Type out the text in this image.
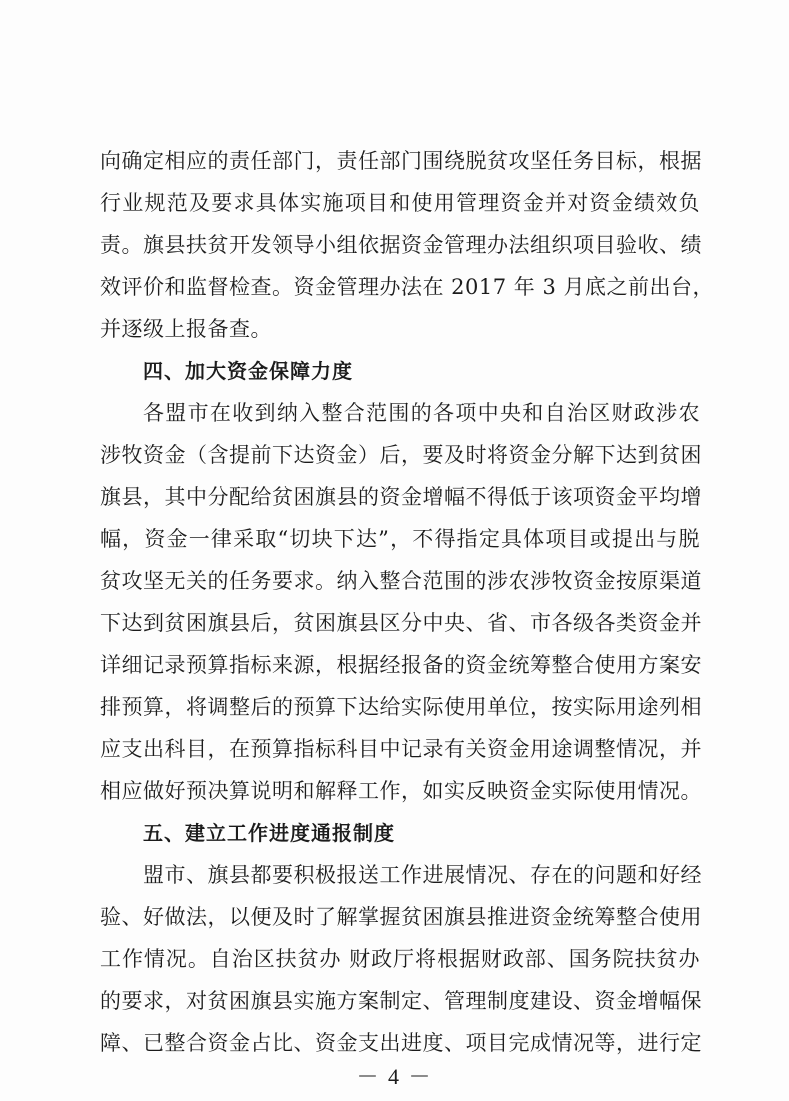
向确定相应的责任部门，责任部门围绕脱贫攻坚任务目标，根据
行业规范及要求具体实施项目和使用管理资金并对资金绩效负
责。旗县扶贫开发领导小组依据资金管理办法组织项目验收、绩
效评价和监督检查。资金管理办法在 2017 年 3 月底之前出台，
并逐级上报备查。
四、加大资金保障力度
各盟市在收到纳入整合范围的各项中央和自治区财政涉农
涉牧资金（含提前下达资金）后，要及时将资金分解下达到贫困
旗县，其中分配给贫困旗县的资金增幅不得低于该项资金平均增
幅，资金一律采取“切块下达”，不得指定具体项目或提出与脱
贫攻坚无关的任务要求。纳入整合范围的涉农涉牧资金按原渠道
下达到贫困旗县后，贫困旗县区分中央、省、市各级各类资金并
详细记录预算指标来源，根据经报备的资金统筹整合使用方案安
排预算，将调整后的预算下达给实际使用单位，按实际用途列相
应支出科目，在预算指标科目中记录有关资金用途调整情况，并
相应做好预决算说明和解释工作，如实反映资金实际使用情况。
五、建立工作进度通报制度
盟市、旗县都要积极报送工作进展情况、存在的问题和好经
验、好做法，以便及时了解掌握贫困旗县推进资金统筹整合使用
工作情况。自治区扶贫办 财政厅将根据财政部、国务院扶贫办
的要求，对贫困旗县实施方案制定、管理制度建设、资金增幅保
障、已整合资金占比、资金支出进度、项目完成情况等，进行定
－ 4 －
